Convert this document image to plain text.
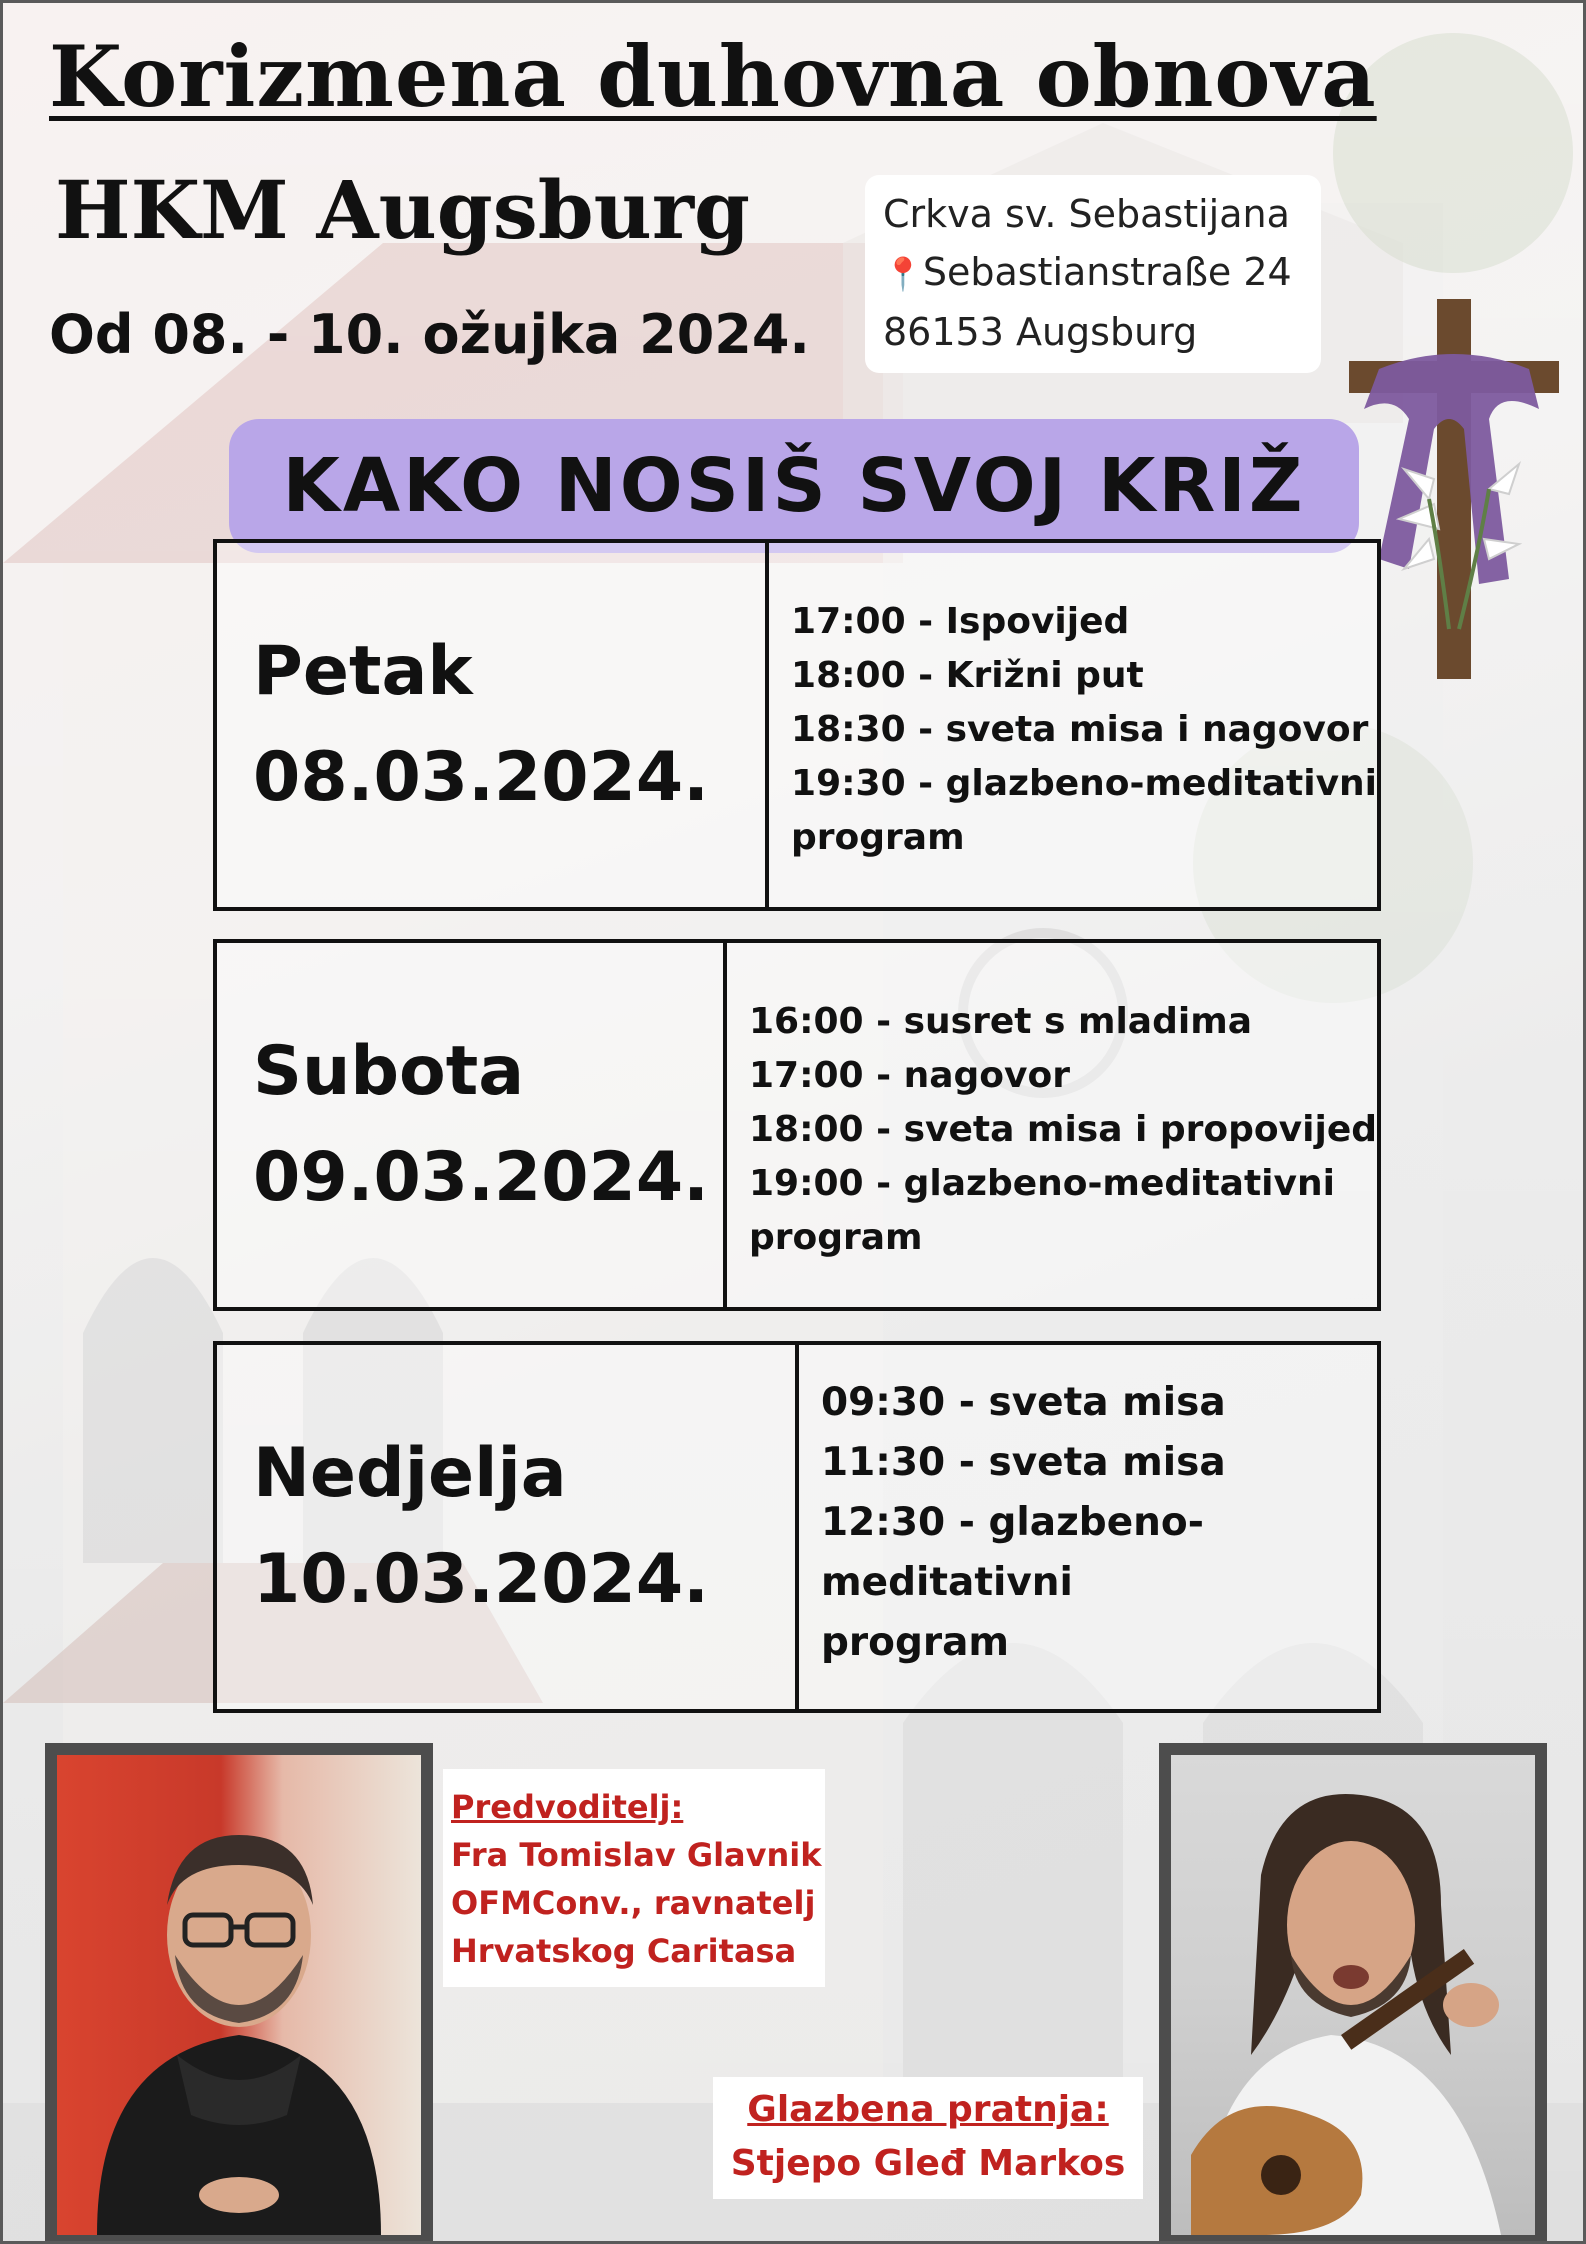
Korizmena duhovna obnova
HKM Augsburg
Od 08. - 10. ožujka 2024.
Crkva sv. Sebastijana
📍Sebastianstraße 24
86153 Augsburg
KAKO NOSIŠ SVOJ KRIŽ
Petak
08.03.2024.
17:00 - Ispovijed
18:00 - Križni put
18:30 - sveta misa i nagovor
19:30 - glazbeno-meditativni
program
Subota
09.03.2024.
16:00 - susret s mladima
17:00 - nagovor
18:00 - sveta misa i propovijed
19:00 - glazbeno-meditativni
program
Nedjelja
10.03.2024.
09:30 - sveta misa
11:30 - sveta misa
12:30 - glazbeno-
meditativni
program
Predvoditelj:
Fra Tomislav Glavnik
OFMConv., ravnatelj
Hrvatskog Caritasa
Glazbena pratnja:
Stjepo Gleđ Markos
